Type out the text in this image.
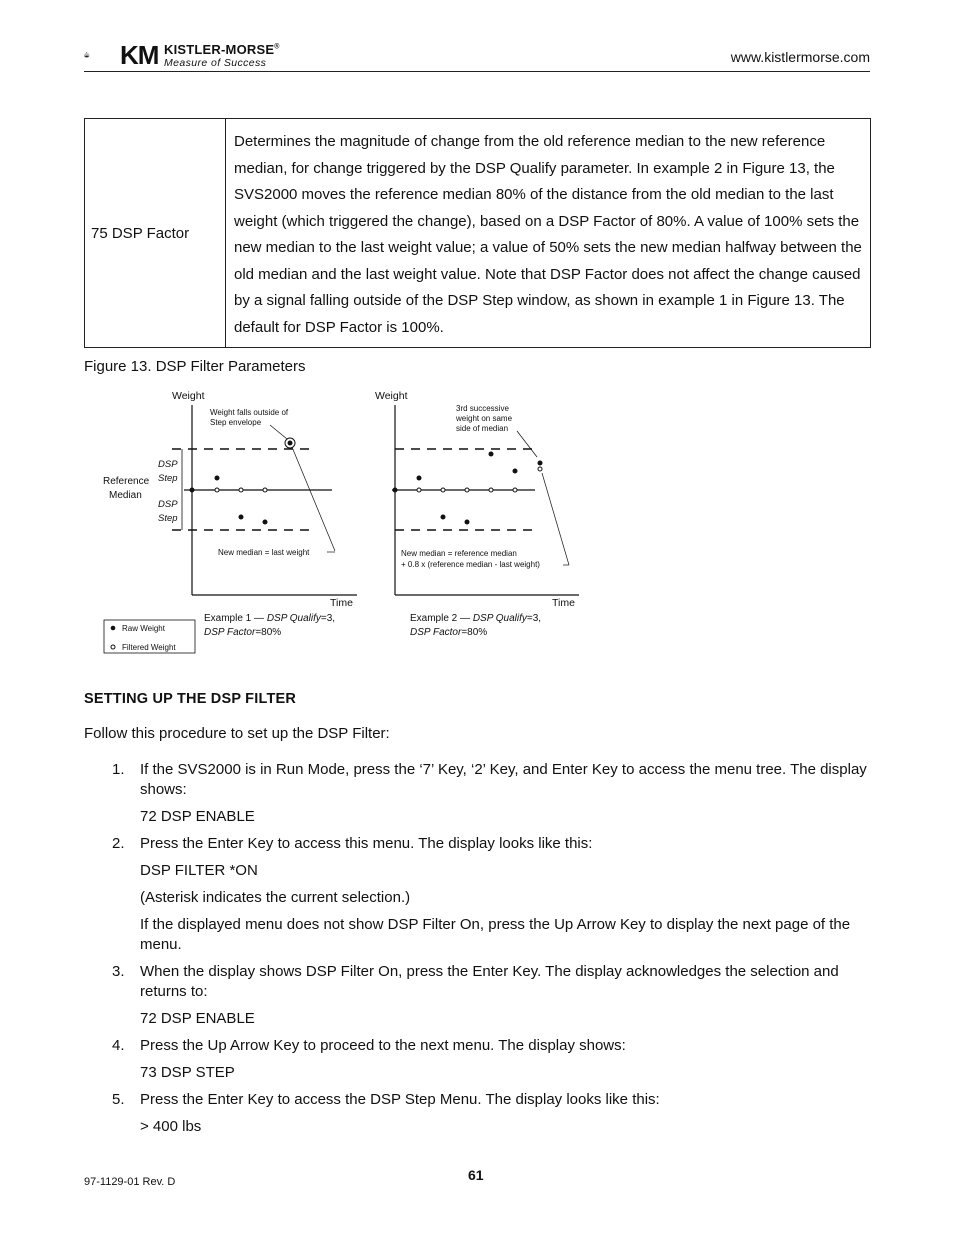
KM KISTLER-MORSE®
Measure of Success	www.kistlermorse.com
75 DSP Factor	Determines the magnitude of change from the old reference median to the new reference median, for change triggered by the DSP Qualify parameter. In example 2 in Figure 13, the SVS2000 moves the reference median 80% of the distance from the old median to the last weight (which triggered the change), based on a DSP Factor of 80%. A value of 100% sets the new median to the last weight value; a value of 50% sets the new median halfway between the old median and the last weight value. Note that DSP Factor does not affect the change caused by a signal falling outside of the DSP Step window, as shown in example 1 in Figure 13. The default for DSP Factor is 100%.
Figure 13. DSP Filter Parameters
Weight
Time
Weight falls outside of
Step envelope
New median = last weight
Reference
Median
DSP
Step
DSP
Step
Example 1 — DSP Qualify=3,
DSP Factor=80%
Weight
Time
3rd successive
weight on same
side of median
New median = reference median
+ 0.8 x (reference median - last weight)
Example 2 — DSP Qualify=3,
DSP Factor=80%
Raw Weight
Filtered Weight
SETTING UP THE DSP FILTER
Follow this procedure to set up the DSP Filter:
1. If the SVS2000 is in Run Mode, press the ‘7’ Key, ‘2’ Key, and Enter Key to access the menu tree. The display shows:
72 DSP ENABLE
2. Press the Enter Key to access this menu. The display looks like this:
DSP FILTER *ON
(Asterisk indicates the current selection.)
If the displayed menu does not show DSP Filter On, press the Up Arrow Key to display the next page of the menu.
3. When the display shows DSP Filter On, press the Enter Key. The display acknowledges the selection and returns to:
72 DSP ENABLE
4. Press the Up Arrow Key to proceed to the next menu. The display shows:
73 DSP STEP
5. Press the Enter Key to access the DSP Step Menu. The display looks like this:
> 400 lbs
61
97-1129-01 Rev. D
